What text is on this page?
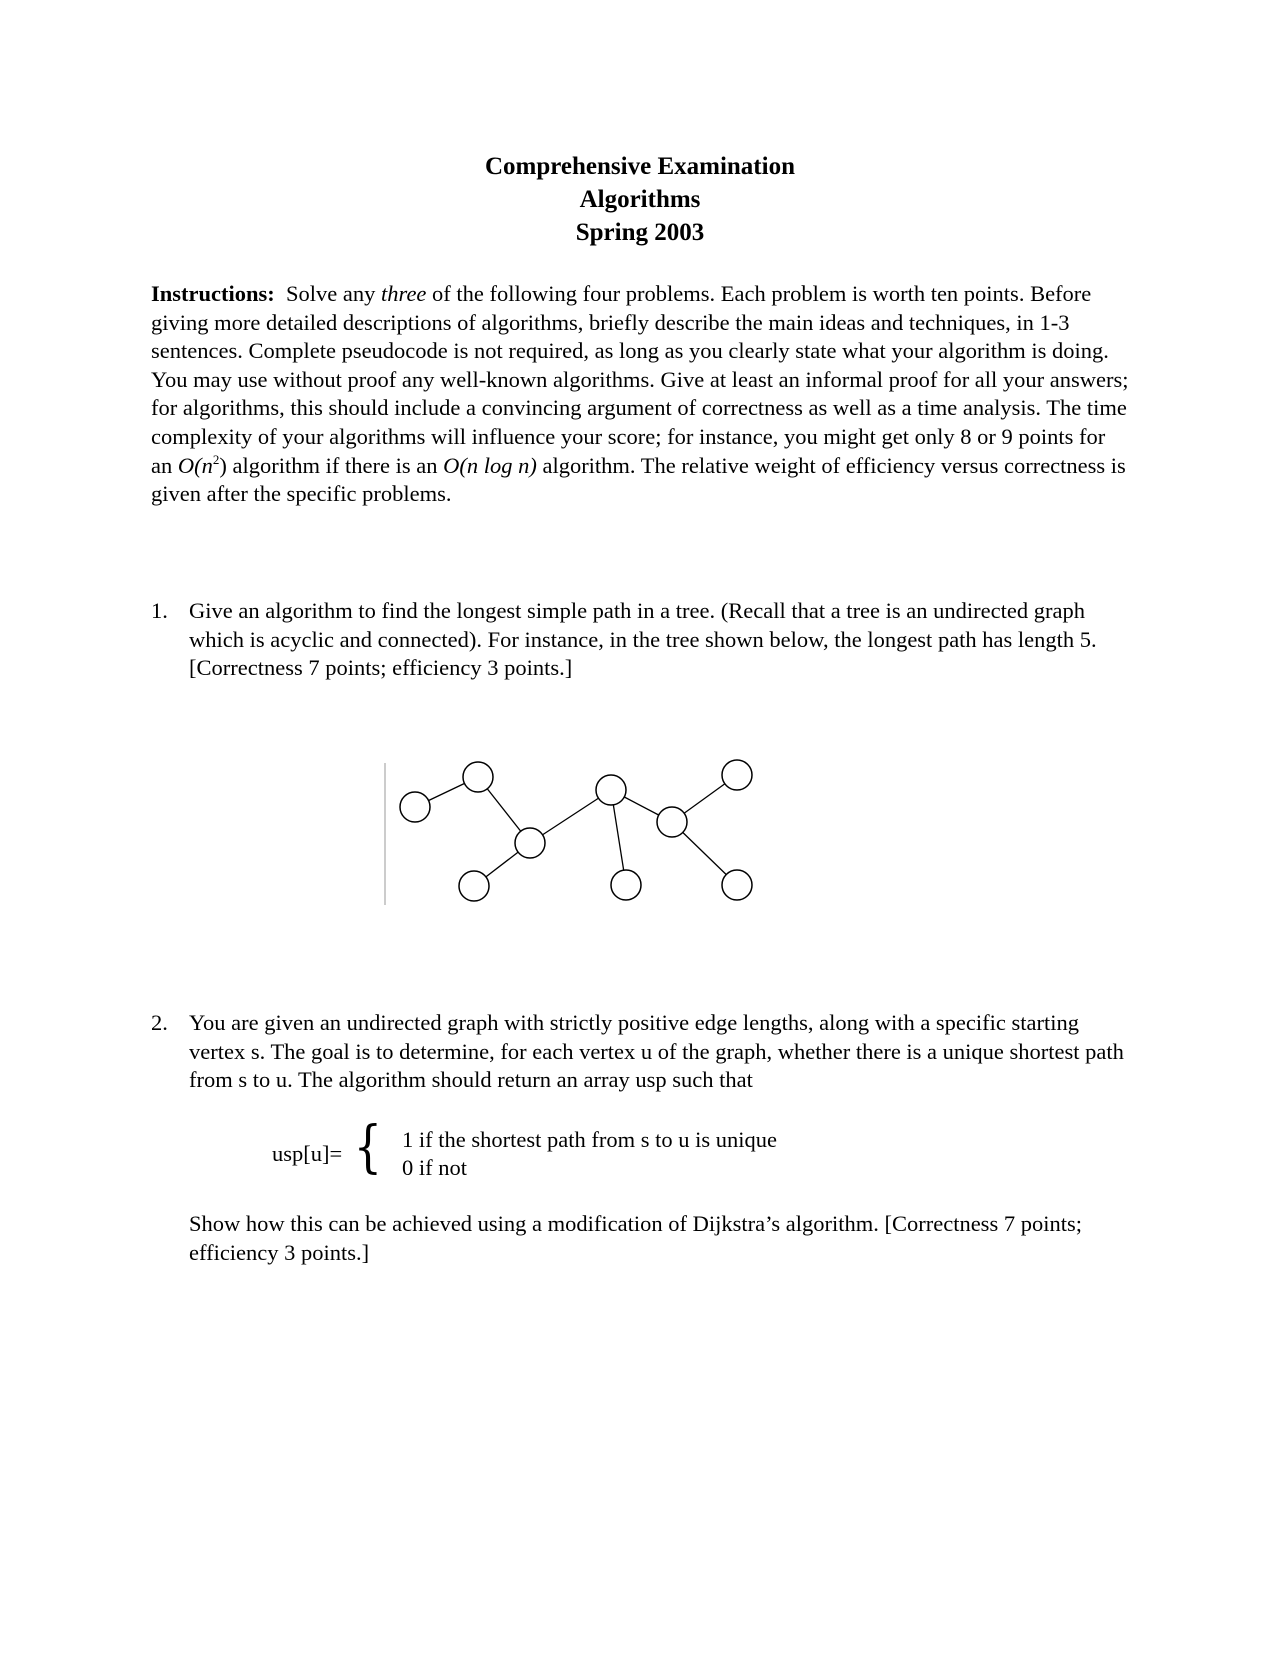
Comprehensive Examination
Algorithms
Spring 2003
Instructions: Solve any three of the following four problems. Each problem is worth ten points. Before giving more detailed descriptions of algorithms, briefly describe the main ideas and techniques, in 1-3 sentences. Complete pseudocode is not required, as long as you clearly state what your algorithm is doing. You may use without proof any well-known algorithms. Give at least an informal proof for all your answers; for algorithms, this should include a convincing argument of correctness as well as a time analysis. The time complexity of your algorithms will influence your score; for instance, you might get only 8 or 9 points for an $O(n^2)$ algorithm if there is an O(n log n) algorithm. The relative weight of efficiency versus correctness is given after the specific problems.
1. Give an algorithm to find the longest simple path in a tree. (Recall that a tree is an undirected graph which is acyclic and connected). For instance, in the tree shown below, the longest path has length 5. [Correctness 7 points; efficiency 3 points.]
2. You are given an undirected graph with strictly positive edge lengths, along with a specific starting vertex s. The goal is to determine, for each vertex u of the graph, whether there is a unique shortest path from s to u. The algorithm should return an array usp such that
usp[u]= { 1 if the shortest path from s to u is unique
0 if not
Show how this can be achieved using a modification of Dijkstra’s algorithm. [Correctness 7 points; efficiency 3 points.]
